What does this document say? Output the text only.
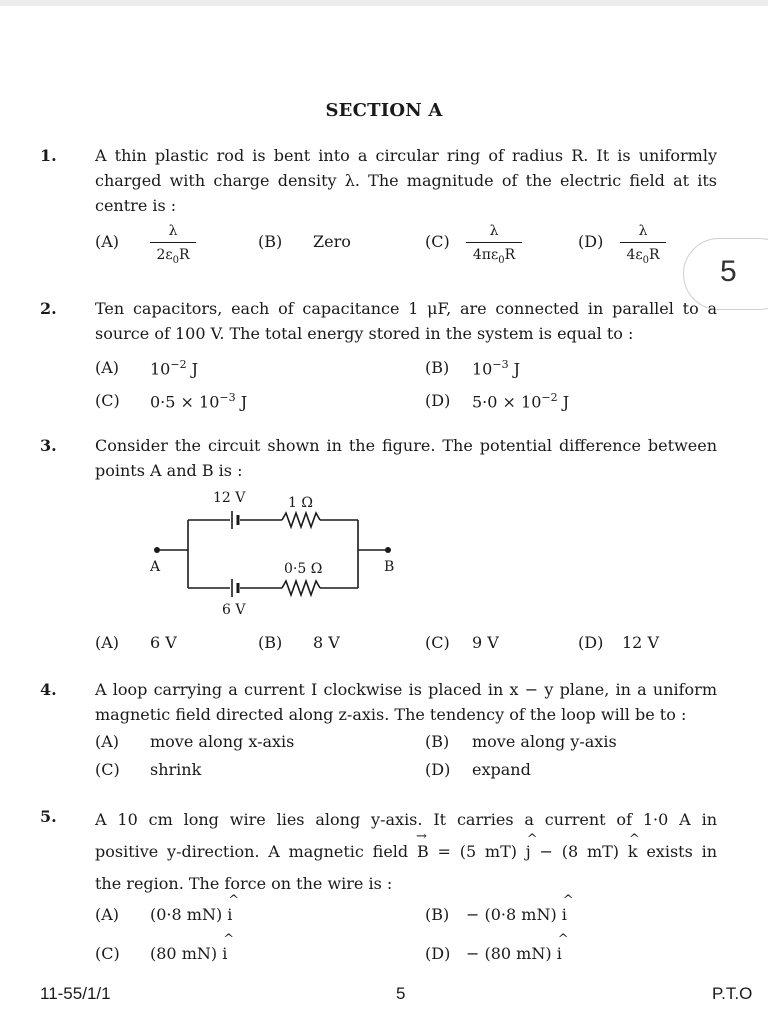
SECTION A
5
1. A thin plastic rod is bent into a circular ring of radius R. It is uniformly charged with charge density λ. The magnitude of the electric field at its centre is :
(A)
λ
$2\varepsilon_0R$
(B) Zero	(C)
λ
$4\pi\varepsilon_0R$
(D)
λ
$4\varepsilon_0R$
2. Ten capacitors, each of capacitance 1 μF, are connected in parallel to a source of 100 V. The total energy stored in the system is equal to :
(A) $10^{-2}$ J	(B) $10^{-3}$ J
(C) $0\cdot 5 \times 10^{-3}$ J	(D) $5\cdot 0 \times 10^{-2}$ J
3. Consider the circuit shown in the figure. The potential difference between points A and B is :
12 V	1 Ω
0·5 Ω
6 V
A	B
(A) 6 V	(B) 8 V	(C) 9 V	(D) 12 V
4. A loop carrying a current I clockwise is placed in x − y plane, in a uniform magnetic field directed along z-axis. The tendency of the loop will be to :
(A) move along x-axis	(B) move along y-axis
(C) shrink	(D) expand
5. A 10 cm long wire lies along y-axis. It carries a current of 1·0 A in
positive y-direction. A magnetic field → B = (5 mT) ^ j − (8 mT) ^ k exists in
the region. The force on the wire is :
(A) (0·8 mN) ^ i	(B) − (0·8 mN) ^ i
(C) (80 mN) ^ i	(D) − (80 mN) ^ i
11-55/1/1	5	P.T.O
